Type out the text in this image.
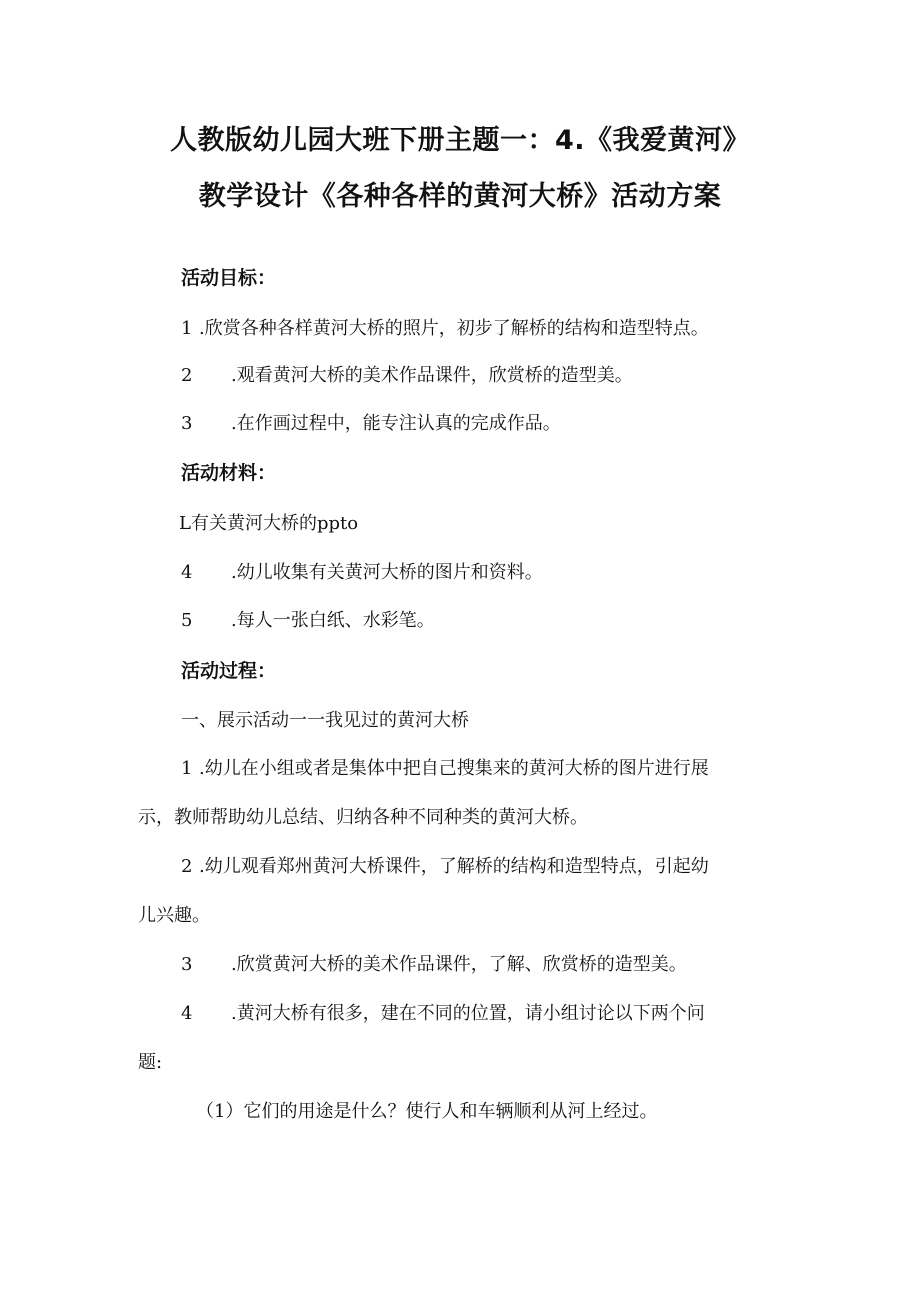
人教版幼儿园大班下册主题一：4.《我爱黄河》
教学设计《各种各样的黄河大桥》活动方案
活动目标：
1 .欣赏各种各样黄河大桥的照片，初步了解桥的结构和造型特点。
2 .观看黄河大桥的美术作品课件，欣赏桥的造型美。
3 .在作画过程中，能专注认真的完成作品。
活动材料：
L有关黄河大桥的ppto
4 .幼儿收集有关黄河大桥的图片和资料。
5 .每人一张白纸、水彩笔。
活动过程：
一、展示活动一一我见过的黄河大桥
1 .幼儿在小组或者是集体中把自己搜集来的黄河大桥的图片进行展
示，教师帮助幼儿总结、归纳各种不同种类的黄河大桥。
2 .幼儿观看郑州黄河大桥课件，了解桥的结构和造型特点，引起幼
儿兴趣。
3 .欣赏黄河大桥的美术作品课件，了解、欣赏桥的造型美。
4 .黄河大桥有很多，建在不同的位置，请小组讨论以下两个问
题:
（1）它们的用途是什么？使行人和车辆顺利从河上经过。
